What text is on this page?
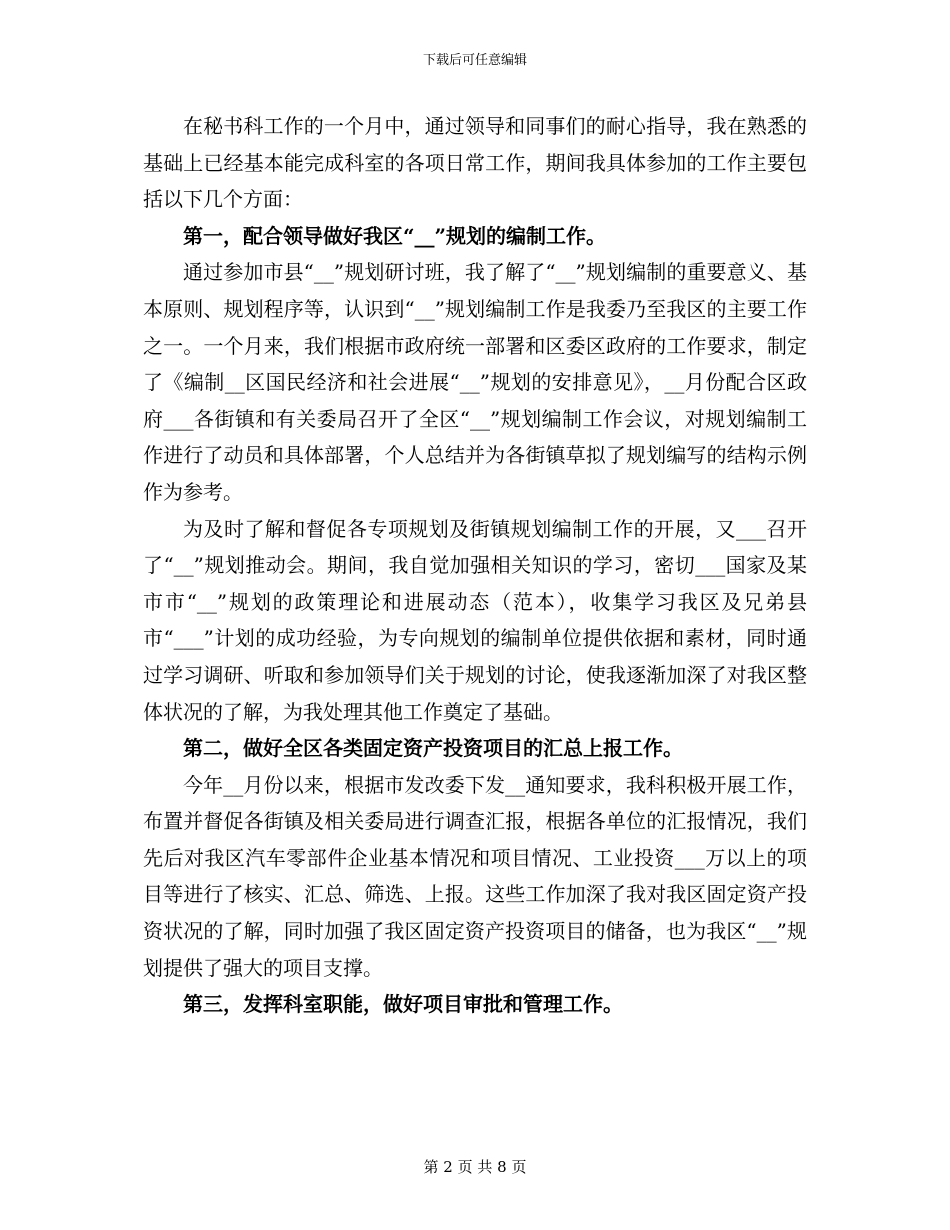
下载后可任意编辑

在秘书科工作的一个月中，通过领导和同事们的耐心指导，我在熟悉的基础上已经基本能完成科室的各项日常工作，期间我具体参加的工作主要包括以下几个方面：

第一，配合领导做好我区“__”规划的编制工作。

通过参加市县“__”规划研讨班，我了解了“__”规划编制的重要意义、基本原则、规划程序等，认识到“__”规划编制工作是我委乃至我区的主要工作之一。一个月来，我们根据市政府统一部署和区委区政府的工作要求，制定了《编制__区国民经济和社会进展“__”规划的安排意见》，__月份配合区政府___各街镇和有关委局召开了全区“__”规划编制工作会议，对规划编制工作进行了动员和具体部署，个人总结并为各街镇草拟了规划编写的结构示例作为参考。

为及时了解和督促各专项规划及街镇规划编制工作的开展，又___召开了“__”规划推动会。期间，我自觉加强相关知识的学习，密切___国家及某市市“__”规划的政策理论和进展动态（范本），收集学习我区及兄弟县市“___”计划的成功经验，为专向规划的编制单位提供依据和素材，同时通过学习调研、听取和参加领导们关于规划的讨论，使我逐渐加深了对我区整体状况的了解，为我处理其他工作奠定了基础。

第二，做好全区各类固定资产投资项目的汇总上报工作。

今年__月份以来，根据市发改委下发__通知要求，我科积极开展工作，布置并督促各街镇及相关委局进行调查汇报，根据各单位的汇报情况，我们先后对我区汽车零部件企业基本情况和项目情况、工业投资___万以上的项目等进行了核实、汇总、筛选、上报。这些工作加深了我对我区固定资产投资状况的了解，同时加强了我区固定资产投资项目的储备，也为我区“__”规划提供了强大的项目支撑。

第三，发挥科室职能，做好项目审批和管理工作。

第 2 页 共 8 页
